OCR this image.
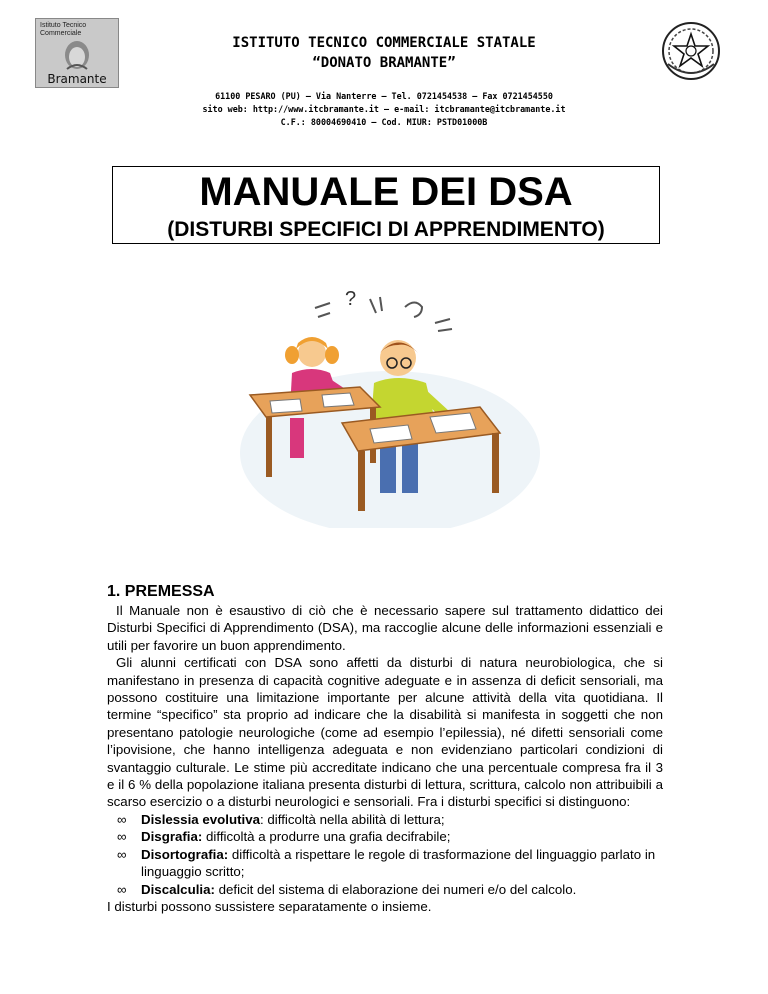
Istituto Tecnico Commerciale
Bramante
ISTITUTO TECNICO COMMERCIALE STATALE
“DONATO BRAMANTE”
61100 PESARO (PU) – Via Nanterre – Tel. 0721454538 – Fax 0721454550
sito web: http://www.itcbramante.it – e-mail: itcbramante@itcbramante.it
C.F.: 80004690410 – Cod. MIUR: PSTD01000B
MANUALE DEI DSA
(DISTURBI SPECIFICI DI APPRENDIMENTO)
?
1. PREMESSA

Il Manuale non è esaustivo di ciò che è necessario sapere sul trattamento didattico dei Disturbi Specifici di Apprendimento (DSA), ma raccoglie alcune delle informazioni essenziali e utili per favorire un buon apprendimento.

Gli alunni certificati con DSA sono affetti da disturbi di natura neurobiologica, che si manifestano in presenza di capacità cognitive adeguate e in assenza di deficit sensoriali, ma possono costituire una limitazione importante per alcune attività della vita quotidiana. Il termine “specifico” sta proprio ad indicare che la disabilità si manifesta in soggetti che non presentano patologie neurologiche (come ad esempio l’epilessia), né difetti sensoriali come l’ipovisione, che hanno intelligenza adeguata e non evidenziano particolari condizioni di svantaggio culturale. Le stime più accreditate indicano che una percentuale compresa fra il 3 e il 6 % della popolazione italiana presenta disturbi di lettura, scrittura, calcolo non attribuibili a scarso esercizio o a disturbi neurologici e sensoriali. Fra i disturbi specifici si distinguono:

∞ Dislessia evolutiva: difficoltà nella abilità di lettura;
∞ Disgrafia: difficoltà a produrre una grafia decifrabile;
∞ Disortografia: difficoltà a rispettare le regole di trasformazione del linguaggio parlato in linguaggio scritto;
∞ Discalculia: deficit del sistema di elaborazione dei numeri e/o del calcolo.

I disturbi possono sussistere separatamente o insieme.
